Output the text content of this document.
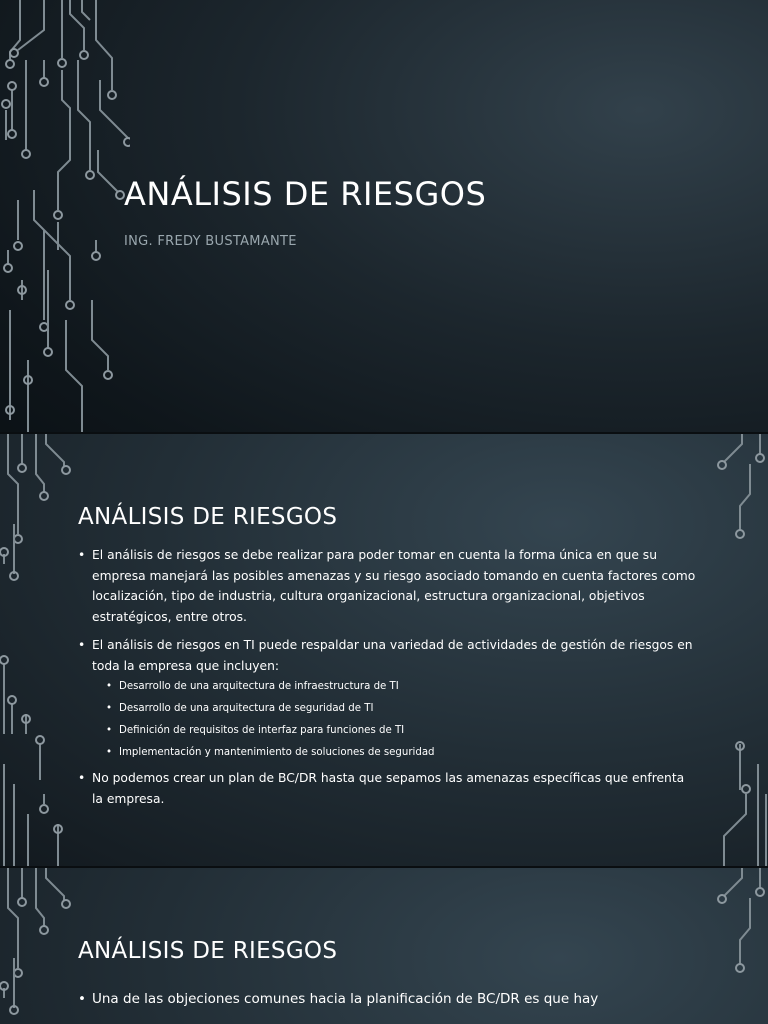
ANÁLISIS DE RIESGOS

ING. FREDY BUSTAMANTE

ANÁLISIS DE RIESGOS
• El análisis de riesgos se debe realizar para poder tomar en cuenta la forma única en que su empresa manejará las posibles amenazas y su riesgo asociado tomando en cuenta factores como localización, tipo de industria, cultura organizacional, estructura organizacional, objetivos estratégicos, entre otros.
• El análisis de riesgos en TI puede respaldar una variedad de actividades de gestión de riesgos en toda la empresa que incluyen:
• Desarrollo de una arquitectura de infraestructura de TI
• Desarrollo de una arquitectura de seguridad de TI
• Definición de requisitos de interfaz para funciones de TI
• Implementación y mantenimiento de soluciones de seguridad
• No podemos crear un plan de BC/DR hasta que sepamos las amenazas específicas que enfrenta la empresa.
ANÁLISIS DE RIESGOS
• Una de las objeciones comunes hacia la planificación de BC/DR es que hay
